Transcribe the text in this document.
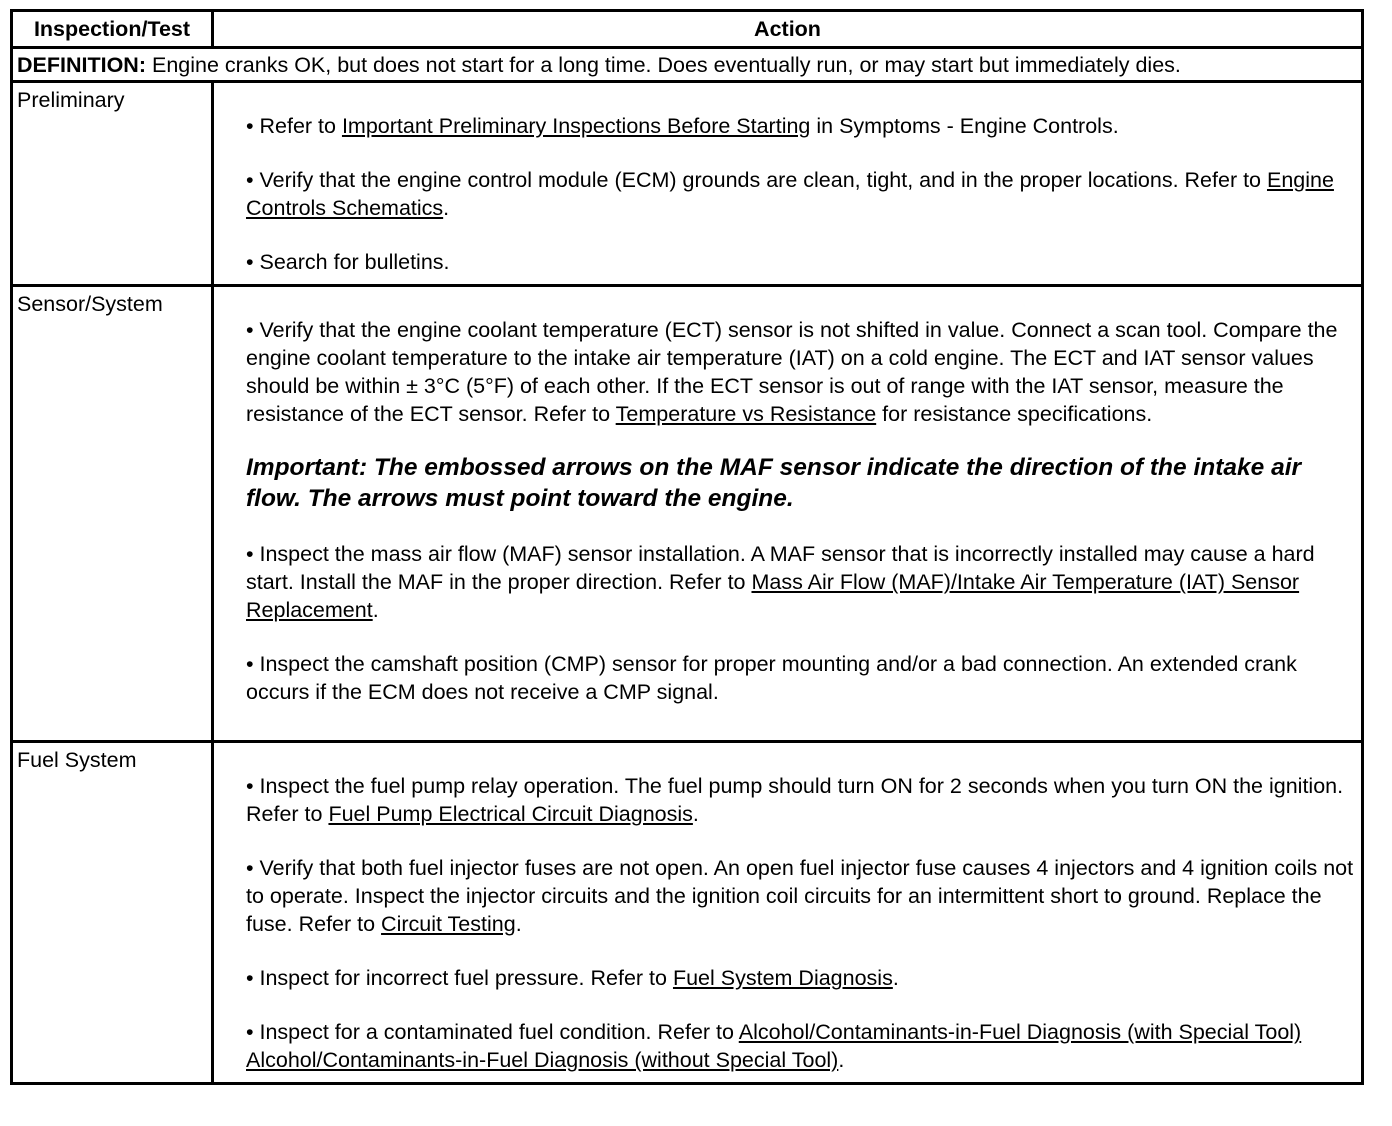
Inspection/Test	Action
DEFINITION: Engine cranks OK, but does not start for a long time. Does eventually run, or may start but immediately dies.	
Preliminary	• Refer to Important Preliminary Inspections Before Starting in Symptoms - Engine Controls.

• Verify that the engine control module (ECM) grounds are clean, tight, and in the proper locations. Refer to Engine Controls Schematics.

• Search for bulletins.

Sensor/System	• Verify that the engine coolant temperature (ECT) sensor is not shifted in value. Connect a scan tool. Compare the engine coolant temperature to the intake air temperature (IAT) on a cold engine. The ECT and IAT sensor values should be within ± 3°C (5°F) of each other. If the ECT sensor is out of range with the IAT sensor, measure the resistance of the ECT sensor. Refer to Temperature vs Resistance for resistance specifications.

Important: The embossed arrows on the MAF sensor indicate the direction of the intake air flow. The arrows must point toward the engine.

• Inspect the mass air flow (MAF) sensor installation. A MAF sensor that is incorrectly installed may cause a hard start. Install the MAF in the proper direction. Refer to Mass Air Flow (MAF)/Intake Air Temperature (IAT) Sensor Replacement.

• Inspect the camshaft position (CMP) sensor for proper mounting and/or a bad connection. An extended crank occurs if the ECM does not receive a CMP signal.

Fuel System	• Inspect the fuel pump relay operation. The fuel pump should turn ON for 2 seconds when you turn ON the ignition. Refer to Fuel Pump Electrical Circuit Diagnosis.

• Verify that both fuel injector fuses are not open. An open fuel injector fuse causes 4 injectors and 4 ignition coils not to operate. Inspect the injector circuits and the ignition coil circuits for an intermittent short to ground. Replace the fuse. Refer to Circuit Testing.

• Inspect for incorrect fuel pressure. Refer to Fuel System Diagnosis.

• Inspect for a contaminated fuel condition. Refer to Alcohol/Contaminants-in-Fuel Diagnosis (with Special Tool) Alcohol/Contaminants-in-Fuel Diagnosis (without Special Tool).
